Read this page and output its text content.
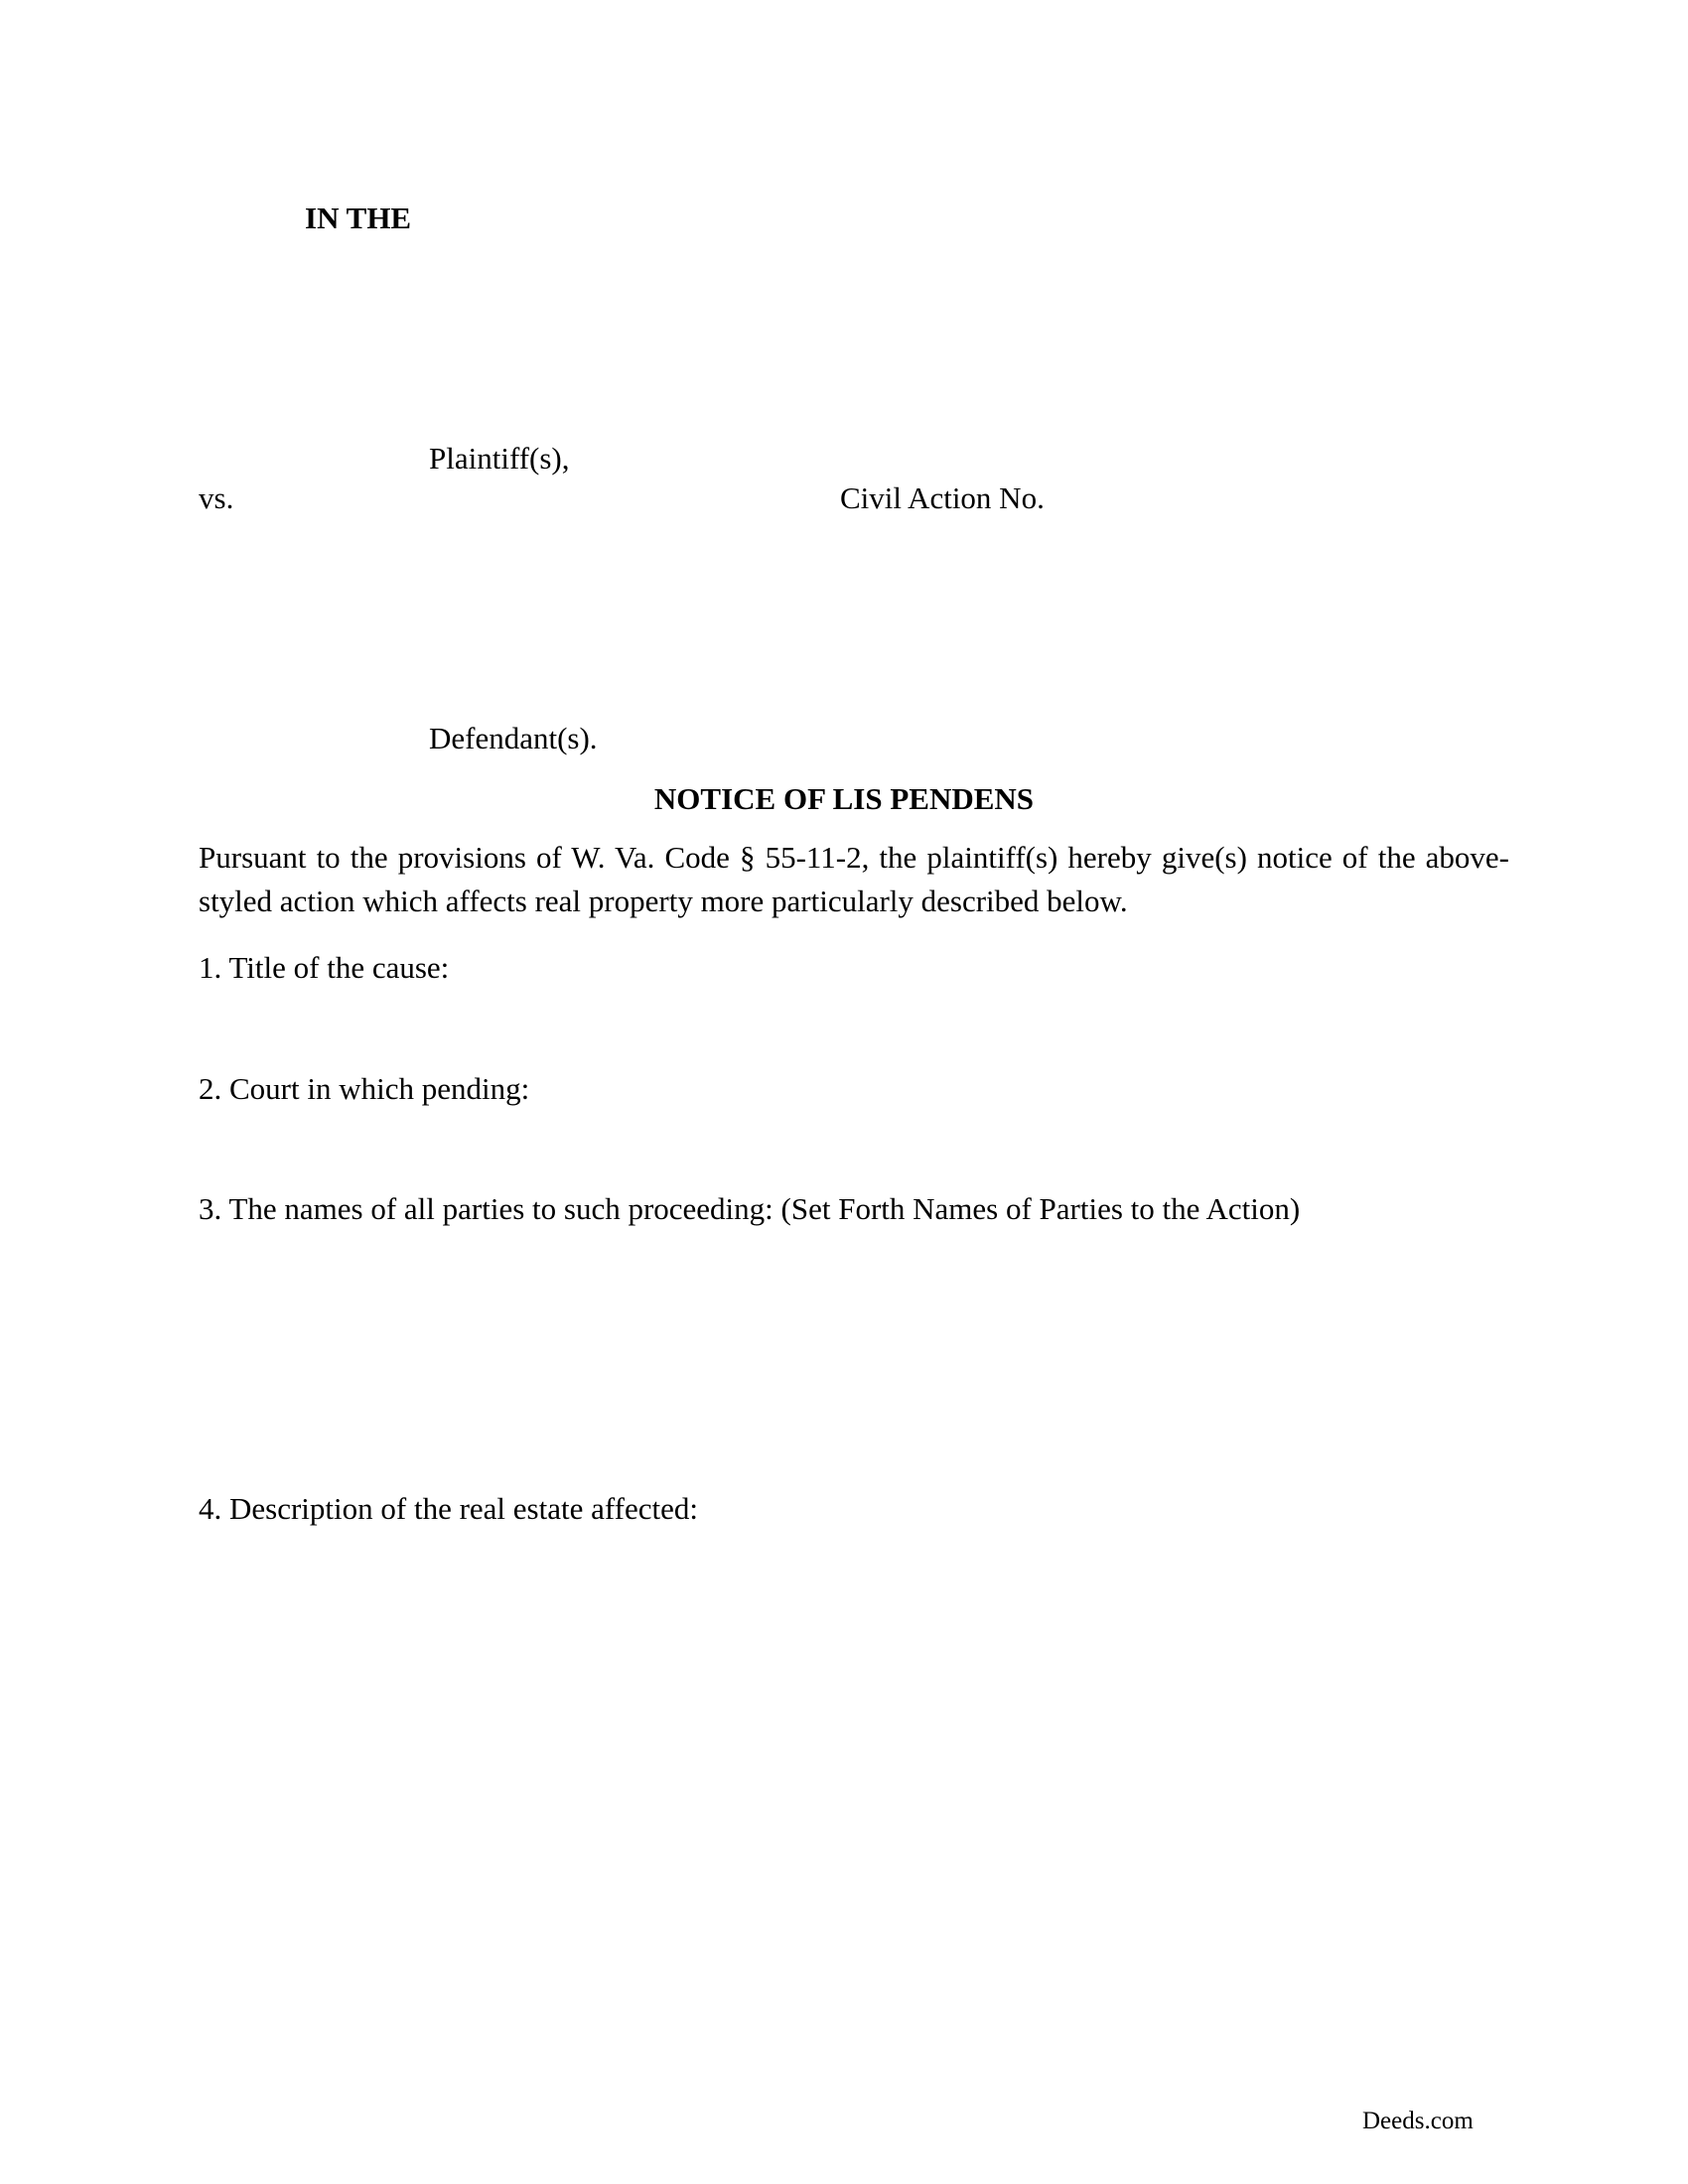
IN THE
Plaintiff(s),
vs.	Civil Action No.
Defendant(s).
NOTICE OF LIS PENDENS
Pursuant to the provisions of W. Va. Code § 55-11-2, the plaintiff(s) hereby give(s) notice of the above-styled action which affects real property more particularly described below.
1. Title of the cause:
2. Court in which pending:
3. The names of all parties to such proceeding: (Set Forth Names of Parties to the Action)
4. Description of the real estate affected:
Deeds.com
